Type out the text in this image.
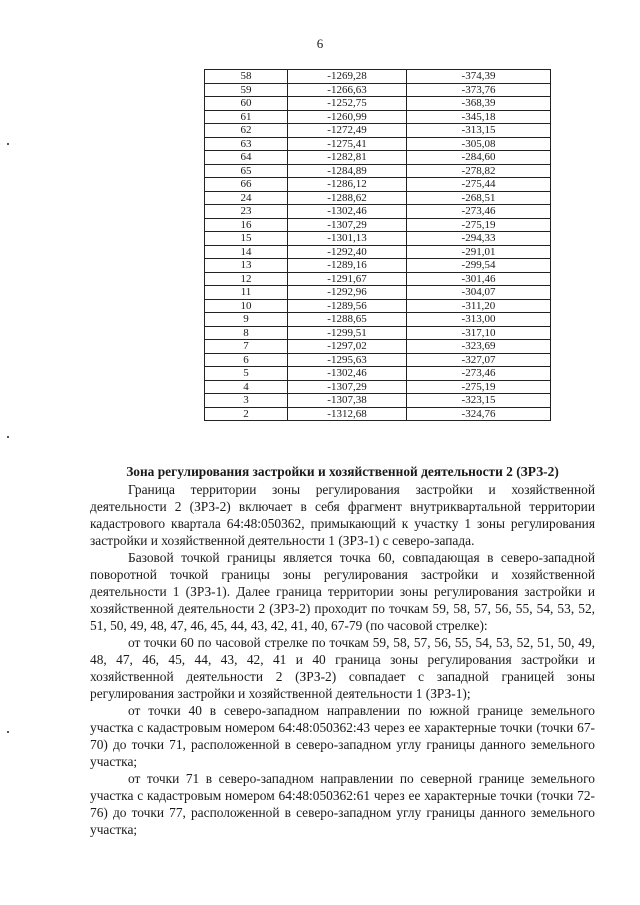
6
58	-1269,28	-374,39
59	-1266,63	-373,76
60	-1252,75	-368,39
61	-1260,99	-345,18
62	-1272,49	-313,15
63	-1275,41	-305,08
64	-1282,81	-284,60
65	-1284,89	-278,82
66	-1286,12	-275,44
24	-1288,62	-268,51
23	-1302,46	-273,46
16	-1307,29	-275,19
15	-1301,13	-294,33
14	-1292,40	-291,01
13	-1289,16	-299,54
12	-1291,67	-301,46
11	-1292,96	-304,07
10	-1289,56	-311,20
9	-1288,65	-313,00
8	-1299,51	-317,10
7	-1297,02	-323,69
6	-1295,63	-327,07
5	-1302,46	-273,46
4	-1307,29	-275,19
3	-1307,38	-323,15
2	-1312,68	-324,76
Зона регулирования застройки и хозяйственной деятельности 2 (ЗРЗ-2)

Граница территории зоны регулирования застройки и хозяйственной деятельности 2 (ЗРЗ-2) включает в себя фрагмент внутриквартальной территории кадастрового квартала 64:48:050362, примыкающий к участку 1 зоны регулирования застройки и хозяйственной деятельности 1 (ЗРЗ-1) с северо-запада.

Базовой точкой границы является точка 60, совпадающая в северо-западной поворотной точкой границы зоны регулирования застройки и хозяйственной деятельности 1 (ЗРЗ-1). Далее граница территории зоны регулирования застройки и хозяйственной деятельности 2 (ЗРЗ-2) проходит по точкам 59, 58, 57, 56, 55, 54, 53, 52, 51, 50, 49, 48, 47, 46, 45, 44, 43, 42, 41, 40, 67-79 (по часовой стрелке):

от точки 60 по часовой стрелке по точкам 59, 58, 57, 56, 55, 54, 53, 52, 51, 50, 49, 48, 47, 46, 45, 44, 43, 42, 41 и 40 граница зоны регулирования застройки и хозяйственной деятельности 2 (ЗРЗ-2) совпадает с западной границей зоны регулирования застройки и хозяйственной деятельности 1 (ЗРЗ-1);

от точки 40 в северо-западном направлении по южной границе земельного участка с кадастровым номером 64:48:050362:43 через ее характерные точки (точки 67-70) до точки 71, расположенной в северо-западном углу границы данного земельного участка;

от точки 71 в северо-западном направлении по северной границе земельного участка с кадастровым номером 64:48:050362:61 через ее характерные точки (точки 72-76) до точки 77, расположенной в северо-западном углу границы данного земельного участка;
